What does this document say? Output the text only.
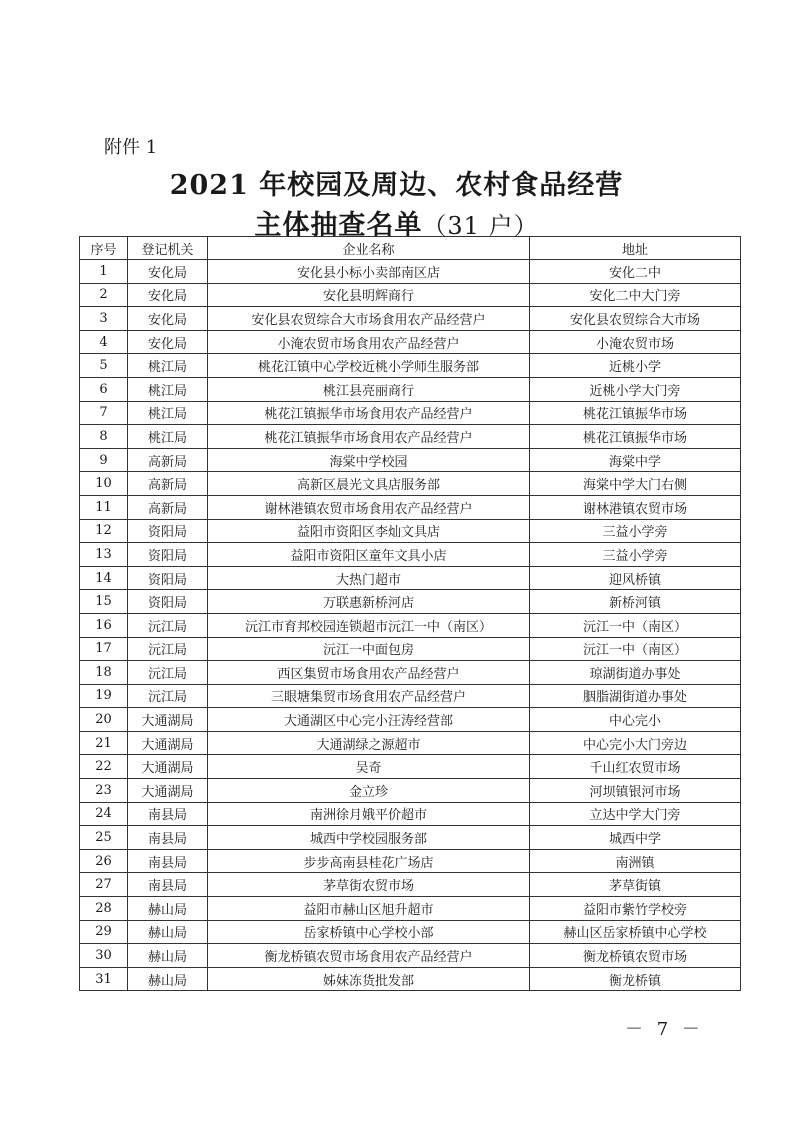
附件 1
2021 年校园及周边、农村食品经营
主体抽查名单（31 户）
序号	登记机关	企业名称	地址
1	安化局	安化县小标小卖部南区店	安化二中
2	安化局	安化县明辉商行	安化二中大门旁
3	安化局	安化县农贸综合大市场食用农产品经营户	安化县农贸综合大市场
4	安化局	小淹农贸市场食用农产品经营户	小淹农贸市场
5	桃江局	桃花江镇中心学校近桃小学师生服务部	近桃小学
6	桃江局	桃江县亮丽商行	近桃小学大门旁
7	桃江局	桃花江镇振华市场食用农产品经营户	桃花江镇振华市场
8	桃江局	桃花江镇振华市场食用农产品经营户	桃花江镇振华市场
9	高新局	海棠中学校园	海棠中学
10	高新局	高新区晨光文具店服务部	海棠中学大门右侧
11	高新局	谢林港镇农贸市场食用农产品经营户	谢林港镇农贸市场
12	资阳局	益阳市资阳区李灿文具店	三益小学旁
13	资阳局	益阳市资阳区童年文具小店	三益小学旁
14	资阳局	大热门超市	迎风桥镇
15	资阳局	万联惠新桥河店	新桥河镇
16	沅江局	沅江市育邦校园连锁超市沅江一中（南区）	沅江一中（南区）
17	沅江局	沅江一中面包房	沅江一中（南区）
18	沅江局	西区集贸市场食用农产品经营户	琼湖街道办事处
19	沅江局	三眼塘集贸市场食用农产品经营户	胭脂湖街道办事处
20	大通湖局	大通湖区中心完小汪涛经营部	中心完小
21	大通湖局	大通湖绿之源超市	中心完小大门旁边
22	大通湖局	吴奇	千山红农贸市场
23	大通湖局	金立珍	河坝镇银河市场
24	南县局	南洲徐月娥平价超市	立达中学大门旁
25	南县局	城西中学校园服务部	城西中学
26	南县局	步步高南县桂花广场店	南洲镇
27	南县局	茅草街农贸市场	茅草街镇
28	赫山局	益阳市赫山区旭升超市	益阳市紫竹学校旁
29	赫山局	岳家桥镇中心学校小部	赫山区岳家桥镇中心学校
30	赫山局	衡龙桥镇农贸市场食用农产品经营户	衡龙桥镇农贸市场
31	赫山局	姊妹冻货批发部	衡龙桥镇
－ 7 －
